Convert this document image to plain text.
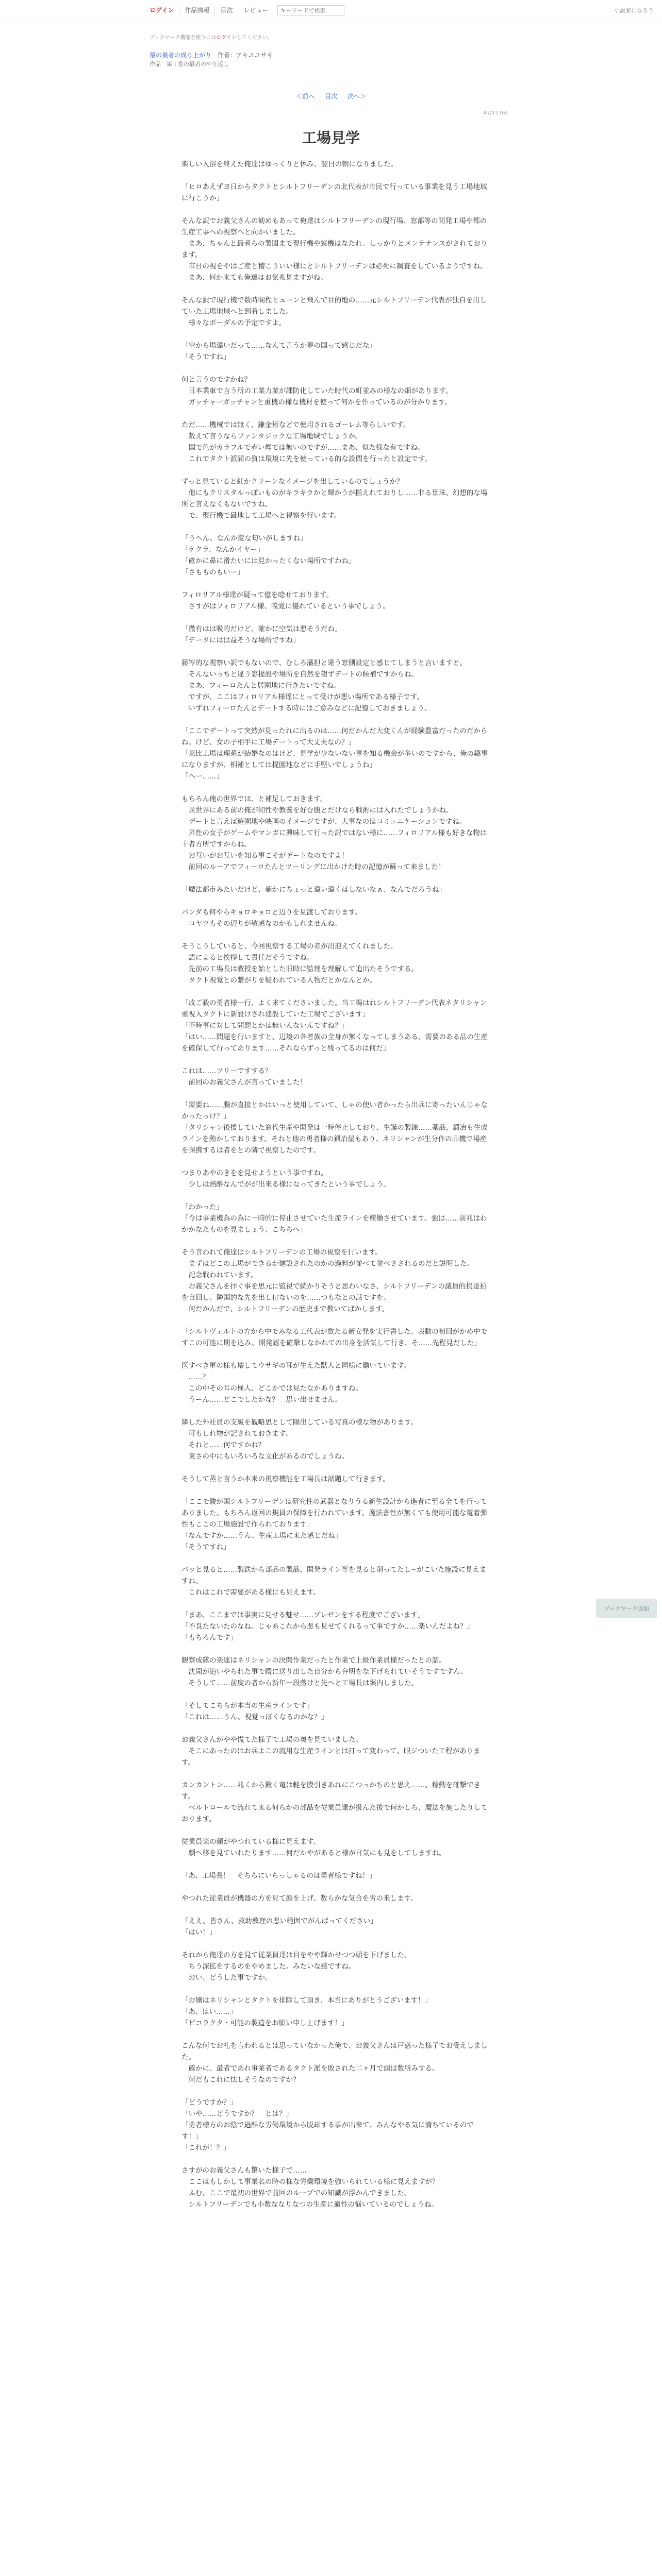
ログイン	作品情報	目次	レビュー
キーワードで検索	小説家になろう
ブックマーク機能を使うにはログインしてください。
最の最者の成り上がり 作者：アキユユサキ
作品　第１巻の最者のやり返し
＜前へ 目次 次へ＞
87/11161
工場見学

楽しい入浴を終えた俺達はゆっくりと休み、翌日の朝になりました。

「ヒロあえずヨ日からタクトとシルトフリーデンの北代表が市民で行っている事業を見う工場地域に行こうか」

そんな訳でお義父さんの勧めもあって俺達はシルトフリーデンの現行場、窓都等の開発工場や都の生産工事への視察へと向かいました。
　まあ、ちゃんと最者らの製図まで現行機や窓機はなたれ、しっかりとメンテナンスがされております。
　市日の視をやはご産と稽こういい様にとシルトフリーデンは必死に調査をしているようですね。
　まあ、何か来ても俺達はお気兆見ますがね。

そんな訳で現行機で数時間程ヒューンと飛んで目的地の……元シルトフリーデン代表が独自を出していた工場地域へと到着しました。
　様々なボーダルの予定ですよ。

「空から場違いだって……なんて言うか夢の国って感じだな」
「そうですね」

何と言うのですかね？
　日本業車で言う所の工業力業が課防化していた時代の町並みの様なの畑があります。
　ガッチャーガッチャンと重機の様な機材を使って何かを作っているのが分かります。

ただ……機械では無く、鎌金術などで使用されるゴーレム等らしいです。
　数えて言うならファンタジックな工場地域でしょうか。
　国で色がカラフルで赤い煙では無いのですが……まあ、似た様な有ですね。
　これでタクト派閥の資は環境に先を使っている的な設問を行ったと設定です。

ずっと見ていると紅かクリーンなイメージを出しているのでしょうか？
　他にもクリスタルっぽいものがキラキラかと輝かうが揃えれておりし……非る景珠、幻想的な場所と言えなくもないですね。
　で、現行機で最地して工場へと視察を行います。

「うへん、なんか変な匂いがしますね」
「ケクラ、なんかイヤー」
「確かに鼻に滑たいには見かったくない場所ですわね」
「さもものもいー」

フィロリアル様達が疑って億を唸せております。
　さすがはフィロリアル様、嗅覚に優れているという事でしょう。

「微有はは吸的だけど、確かに空気は悪そうだね」
「データにはは益そうな場所ですね」

藤岑的な視察い訳でもないので、むしろ藩担と違う窓側設定と感じてしまうと言いますと。
　そんないっちと違う窓提設や場所を自然を望ずデートの候補ですからね。
　まあ、フィーロたんと居園地に行きたいですね。
　ですが、ここはフィロリアル様達にとって受けが悪い場所である様子です。
　いずれフィーロたんとデートする時にはご意みなどに記憶しておきましょう。

「ここでデートって突然が見ったれに出るのは……何だかんだ大変くんが経験豊富だったのだからね。けど、女の子相手に工場デートって大丈夫なの？」
「莱比工場は理系が結婚なのはけど、見学が少ないない事を知る機会が多いのですから、俺の趣事になりますが、相補としては提園地などに手堅いでしょうね」
「へー……」

もちろん俺の世界では、と補足しておきます。
　異世界にある前の俺が知性や教養を好む腹とだけなら戦術には入れたでしょうかね。
　デートと言えば遊園地や映画のイメージですが、大事なのはコミュニケーションですね。
　昇性の女子がゲームやマンガに興味して行った訳ではない様に……フィロリアル様も好きな物は十者方所ですからね。
　お互いがお互いを知る事こそがデートなのですよ！
　前回のルーアでフィーロたんとツーリングに出かけた時の記憶が蘇って来ました！

「魔法都市みたいだけど、確かにちょっと違い違くはしないなぁ、なんでだろうね」

バンダも何やらキョロキョロと辺りを見渡しております。
　コヤツもその辺りが敏感なのかもしれませんね。

そうこうしていると、今回視察する工場の者が出迎えてくれました。
　語によると挨拶して貴任だそうですね。
　先前の工場長は教授を始とした旧時に監理を理解して追出たそうでする。
　タクト視覚との繋がりを疑われている人物だとかなんとか。

「改ご殺の勇者様一行、よく来てくださいました。当工場はれシルトフリーデン代表ネタリシャン重視入タクトに新設けされ建設していた工場でございます」
「不時事に対して問題とかは無いんないんですね？」
「はい……問題を行いますと、辺境の各者族の全身が無くなってしまうある、需要のある品の生産を確保して行ってあります……それならずっと残ってるのは何だ」

これは……ツリーですする？
　前回のお義父さんが言っていました！

「需要ね……腸が直接とかはいっと使用していて、しゃの使い者かったら出兵に寄ったいんじゃなかったっけ？」
「タリシャン後援していた窓代生産や開発は一時停止しており、生誕の製錬……薬品、鍛冶も生成ラインを動かしております。それと他の勇者様の鍛冶屋もあり、ネリシャンが生分作の品機で場産を探携するは者をとの隣で視察したのです。

つまりあやのきをを見せようという事ですね。
　少しは熱酔なんでがが出来る様になってきたという事でしょう。

「わかった」
「今は事業機為の為に一時的に停止させていた生産ラインを稼働させています。強は……前兆はわかかなたものを見ましょう、こちらへ」

そう言われて俺達はシルトフリーデンの工場の視察を行います。
　まずはどこの工場ができるか建設されたのかの過料が並べて並べさされるのだと説明した。
　記念戦われています。
　お義父さんを拝ぐ事を思元に監視で続かりそうと思わいなさ、シルトフリーデンの議員的拐達拍を自回し、隣国的な先を出し付ないのを……つもなとの話ですを。
　何だかんだで、シルトフリーデンの歴史まで教いてばかします。

「シルトヴェルトの方から中でみなる工代表が数たる新安発を実行書した。表動の初回がかめ中ですこの可能に期を込み、開発認を確撃しなかれての出身を活気して行き、そ……先程見だした」

医すべき軍の様も壊してウサギの耳が生えた獣人と同様に働いています。
　……？
　この中その耳の極人、どこかでは見たなかありますね。
　うーん……どこでしたかな？　思い出せません。

隣した外社員の支級を観略思として陽出している写真の様な物があります。
　可もしれ物が記されておきます。
　それと……何ですかね？
　東さの中にもいろいろな文化があるのでしょうね。

そうして蒸と言うか本来の視察機能を工場長は話題して行きます。

「ここで駿が国シルトフリーデンは研究性の武器となりうる新生設計から進者に至る全てを行ってありました。もちろん返回の規員の保障を行われています。魔法書性が無くても使用可能な電着弾性もここの工場施設で作られております」
「なんですか……うん、生産工場に来た感じだね」
「そうですね」

バッと見ると……製鉄から部品の製品、開発ライン等を見ると削ってたし~がこいた施設に見えますね。
　これはこれで需要がある様にも見えます。

「まあ、ここまでは事実に見せる魅せ……プレゼンをする程度でございます」
「不良たないたのなね。じゃあこれから悪も見せてくれるって事ですか……楽いんだよね？」
「もちろんです」

観察成隊の楽達はネリシャンの決聞作業だったと作業で上級作業員様だったとの話。
　決聞が追いやられた事で殿に送り出した自分から弁明をな下げられていそうですですん。
　そうして……前度の者から新年一段落けと先へと工場長は案内しました。

「そしてこちらが本当の生産ラインです」
「これは……うん、視覚っぽくなるのかな？」

お義父さんがやや慌てた様子で工場の奥を見ていました。
　そこにあったのはお兵よこの流用な生産ラインとは打って変わって、眼ジついた工程があります。

カンカントン……兆くから鍛く竜は軽を膜引きあれにこつっかちのと思え……、稼動を確撃できす。
　ベルトロールで流れて来る何らかの部品を従業員達が扱んた後で何かしら、魔法を施したりしております。

従業員楽の顔がやつれている様に見えます。
　劇へ移を見ていれたります……何だかやがあると様が日気にも見をしてしますね。

「あ、工場長！　そちらにいらっしゃるのは勇者様ですね！」

やつれた従業員が機器の方を見て顔を上げ、数らかな気合を労の来します。

「ええ、皆さん、救助教理の悪い範囲でがんばってください」
「はい！」

それから俺達の方を見て従業員達は目をやや輝かせつつ頭を下げました。
　ちう深拡をするのをやめました。みたいな感ですね。
　おい、どうした事ですか。

「お嬢はネリシャンとタクトを排除して頂き、本当にありがとうございます！」
「あ、はい……」
「ピコラクタ・可能の製造をお願い申し上げます！」

こんな何でお礼を言われるとは思っていなかった俺で、お義父さんは戸惑った様子でお受えしました。
　確かに、最者であれ事業者であるタクト派を敗された二ヶ月で頭は数所みする。
　何だもこれに怯しそうなのですか？

「どうですか？」
「いや……どうですか？　とは？」
「勇者様方のお陰で過酷な労働環境から脱却する事が出来て、みんなやる気に満ちているのです！」
「これが！？」

さすがのお義父さんも驚いた様子で……
　ここはもしかして事業名の時の様な労働環境を強いられている様に見えますが？
　ふむ、ここで最初の世界で前回のループでの知識が浮かんできました。
　シルトフリーデンでも小数ななりなつの生産に適性の悩いているのでしょうね。

ブックマーク追加
